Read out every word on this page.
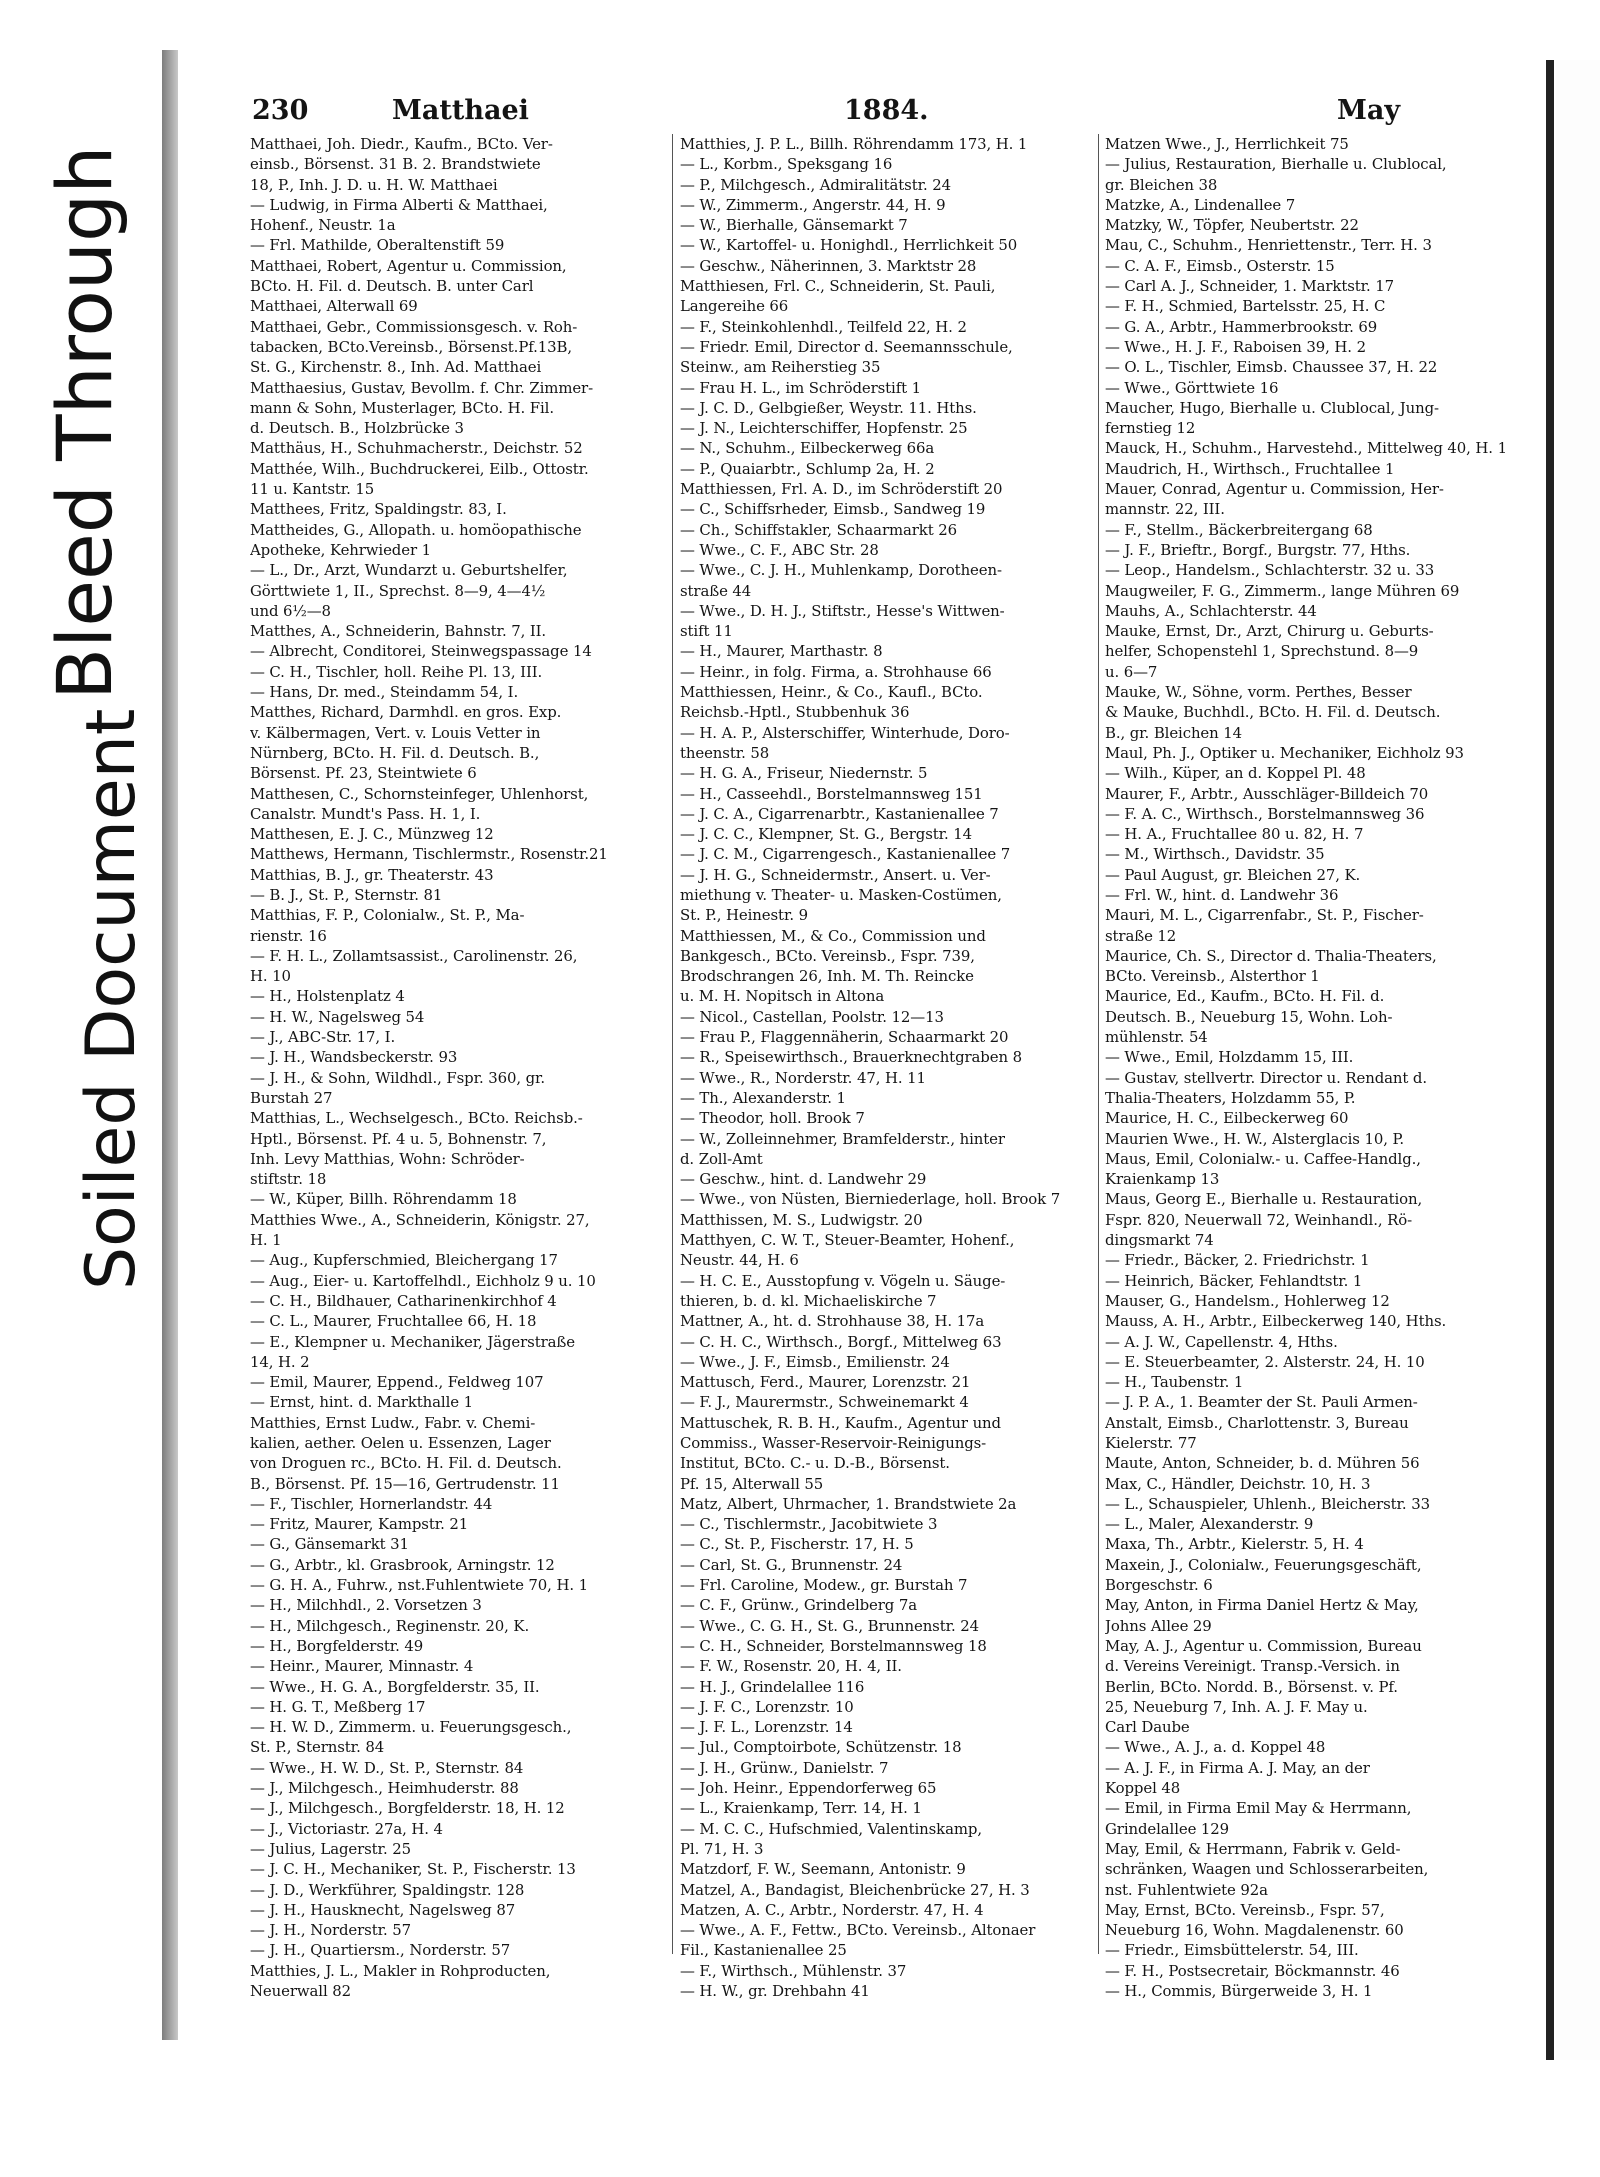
Soiled Document
Bleed Through
230	Matthaei	1884.	May
Matthaei, Joh. Diedr., Kaufm., BCto. Ver-
einsb., Börsenst. 31 B. 2. Brandstwiete
18, P., Inh. J. D. u. H. W. Matthaei
— Ludwig, in Firma Alberti & Matthaei,
Hohenf., Neustr. 1a
— Frl. Mathilde, Oberaltenstift 59
Matthaei, Robert, Agentur u. Commission,
BCto. H. Fil. d. Deutsch. B. unter Carl
Matthaei, Alterwall 69
Matthaei, Gebr., Commissionsgesch. v. Roh-
tabacken, BCto.Vereinsb., Börsenst.Pf.13B,
St. G., Kirchenstr. 8., Inh. Ad. Matthaei
Matthaesius, Gustav, Bevollm. f. Chr. Zimmer-
mann & Sohn, Musterlager, BCto. H. Fil.
d. Deutsch. B., Holzbrücke 3
Matthäus, H., Schuhmacherstr., Deichstr. 52
Matthée, Wilh., Buchdruckerei, Eilb., Ottostr.
11 u. Kantstr. 15
Matthees, Fritz, Spaldingstr. 83, I.
Mattheides, G., Allopath. u. homöopathische
Apotheke, Kehrwieder 1
— L., Dr., Arzt, Wundarzt u. Geburtshelfer,
Görttwiete 1, II., Sprechst. 8—9, 4—4½
und 6½—8
Matthes, A., Schneiderin, Bahnstr. 7, II.
— Albrecht, Conditorei, Steinwegspassage 14
— C. H., Tischler, holl. Reihe Pl. 13, III.
— Hans, Dr. med., Steindamm 54, I.
Matthes, Richard, Darmhdl. en gros. Exp.
v. Kälbermagen, Vert. v. Louis Vetter in
Nürnberg, BCto. H. Fil. d. Deutsch. B.,
Börsenst. Pf. 23, Steintwiete 6
Matthesen, C., Schornsteinfeger, Uhlenhorst,
Canalstr. Mundt's Pass. H. 1, I.
Matthesen, E. J. C., Münzweg 12
Matthews, Hermann, Tischlermstr., Rosenstr.21
Matthias, B. J., gr. Theaterstr. 43
— B. J., St. P., Sternstr. 81
Matthias, F. P., Colonialw., St. P., Ma-
rienstr. 16
— F. H. L., Zollamtsassist., Carolinenstr. 26,
H. 10
— H., Holstenplatz 4
— H. W., Nagelsweg 54
— J., ABC-Str. 17, I.
— J. H., Wandsbeckerstr. 93
— J. H., & Sohn, Wildhdl., Fspr. 360, gr.
Burstah 27
Matthias, L., Wechselgesch., BCto. Reichsb.-
Hptl., Börsenst. Pf. 4 u. 5, Bohnenstr. 7,
Inh. Levy Matthias, Wohn: Schröder-
stiftstr. 18
— W., Küper, Billh. Röhrendamm 18
Matthies Wwe., A., Schneiderin, Königstr. 27,
H. 1
— Aug., Kupferschmied, Bleichergang 17
— Aug., Eier- u. Kartoffelhdl., Eichholz 9 u. 10
— C. H., Bildhauer, Catharinenkirchhof 4
— C. L., Maurer, Fruchtallee 66, H. 18
— E., Klempner u. Mechaniker, Jägerstraße
14, H. 2
— Emil, Maurer, Eppend., Feldweg 107
— Ernst, hint. d. Markthalle 1
Matthies, Ernst Ludw., Fabr. v. Chemi-
kalien, aether. Oelen u. Essenzen, Lager
von Droguen rc., BCto. H. Fil. d. Deutsch.
B., Börsenst. Pf. 15—16, Gertrudenstr. 11
— F., Tischler, Hornerlandstr. 44
— Fritz, Maurer, Kampstr. 21
— G., Gänsemarkt 31
— G., Arbtr., kl. Grasbrook, Arningstr. 12
— G. H. A., Fuhrw., nst.Fuhlentwiete 70, H. 1
— H., Milchhdl., 2. Vorsetzen 3
— H., Milchgesch., Reginenstr. 20, K.
— H., Borgfelderstr. 49
— Heinr., Maurer, Minnastr. 4
— Wwe., H. G. A., Borgfelderstr. 35, II.
— H. G. T., Meßberg 17
— H. W. D., Zimmerm. u. Feuerungsgesch.,
St. P., Sternstr. 84
— Wwe., H. W. D., St. P., Sternstr. 84
— J., Milchgesch., Heimhuderstr. 88
— J., Milchgesch., Borgfelderstr. 18, H. 12
— J., Victoriastr. 27a, H. 4
— Julius, Lagerstr. 25
— J. C. H., Mechaniker, St. P., Fischerstr. 13
— J. D., Werkführer, Spaldingstr. 128
— J. H., Hausknecht, Nagelsweg 87
— J. H., Norderstr. 57
— J. H., Quartiersm., Norderstr. 57
Matthies, J. L., Makler in Rohproducten,
Neuerwall 82
Matthies, J. P. L., Billh. Röhrendamm 173, H. 1
— L., Korbm., Speksgang 16
— P., Milchgesch., Admiralitätstr. 24
— W., Zimmerm., Angerstr. 44, H. 9
— W., Bierhalle, Gänsemarkt 7
— W., Kartoffel- u. Honighdl., Herrlichkeit 50
— Geschw., Näherinnen, 3. Marktstr 28
Matthiesen, Frl. C., Schneiderin, St. Pauli,
Langereihe 66
— F., Steinkohlenhdl., Teilfeld 22, H. 2
— Friedr. Emil, Director d. Seemannsschule,
Steinw., am Reiherstieg 35
— Frau H. L., im Schröderstift 1
— J. C. D., Gelbgießer, Weystr. 11. Hths.
— J. N., Leichterschiffer, Hopfenstr. 25
— N., Schuhm., Eilbeckerweg 66a
— P., Quaiarbtr., Schlump 2a, H. 2
Matthiessen, Frl. A. D., im Schröderstift 20
— C., Schiffsrheder, Eimsb., Sandweg 19
— Ch., Schiffstakler, Schaarmarkt 26
— Wwe., C. F., ABC Str. 28
— Wwe., C. J. H., Muhlenkamp, Dorotheen-
straße 44
— Wwe., D. H. J., Stiftstr., Hesse's Wittwen-
stift 11
— H., Maurer, Marthastr. 8
— Heinr., in folg. Firma, a. Strohhause 66
Matthiessen, Heinr., & Co., Kaufl., BCto.
Reichsb.-Hptl., Stubbenhuk 36
— H. A. P., Alsterschiffer, Winterhude, Doro-
theenstr. 58
— H. G. A., Friseur, Niedernstr. 5
— H., Casseehdl., Borstelmannsweg 151
— J. C. A., Cigarrenarbtr., Kastanienallee 7
— J. C. C., Klempner, St. G., Bergstr. 14
— J. C. M., Cigarrengesch., Kastanienallee 7
— J. H. G., Schneidermstr., Ansert. u. Ver-
miethung v. Theater- u. Masken-Costümen,
St. P., Heinestr. 9
Matthiessen, M., & Co., Commission und
Bankgesch., BCto. Vereinsb., Fspr. 739,
Brodschrangen 26, Inh. M. Th. Reincke
u. M. H. Nopitsch in Altona
— Nicol., Castellan, Poolstr. 12—13
— Frau P., Flaggennäherin, Schaarmarkt 20
— R., Speisewirthsch., Brauerknechtgraben 8
— Wwe., R., Norderstr. 47, H. 11
— Th., Alexanderstr. 1
— Theodor, holl. Brook 7
— W., Zolleinnehmer, Bramfelderstr., hinter
d. Zoll-Amt
— Geschw., hint. d. Landwehr 29
— Wwe., von Nüsten, Bierniederlage, holl. Brook 7
Matthissen, M. S., Ludwigstr. 20
Matthyen, C. W. T., Steuer-Beamter, Hohenf.,
Neustr. 44, H. 6
— H. C. E., Ausstopfung v. Vögeln u. Säuge-
thieren, b. d. kl. Michaeliskirche 7
Mattner, A., ht. d. Strohhause 38, H. 17a
— C. H. C., Wirthsch., Borgf., Mittelweg 63
— Wwe., J. F., Eimsb., Emilienstr. 24
Mattusch, Ferd., Maurer, Lorenzstr. 21
— F. J., Maurermstr., Schweinemarkt 4
Mattuschek, R. B. H., Kaufm., Agentur und
Commiss., Wasser-Reservoir-Reinigungs-
Institut, BCto. C.- u. D.-B., Börsenst.
Pf. 15, Alterwall 55
Matz, Albert, Uhrmacher, 1. Brandstwiete 2a
— C., Tischlermstr., Jacobitwiete 3
— C., St. P., Fischerstr. 17, H. 5
— Carl, St. G., Brunnenstr. 24
— Frl. Caroline, Modew., gr. Burstah 7
— C. F., Grünw., Grindelberg 7a
— Wwe., C. G. H., St. G., Brunnenstr. 24
— C. H., Schneider, Borstelmannsweg 18
— F. W., Rosenstr. 20, H. 4, II.
— H. J., Grindelallee 116
— J. F. C., Lorenzstr. 10
— J. F. L., Lorenzstr. 14
— Jul., Comptoirbote, Schützenstr. 18
— J. H., Grünw., Danielstr. 7
— Joh. Heinr., Eppendorferweg 65
— L., Kraienkamp, Terr. 14, H. 1
— M. C. C., Hufschmied, Valentinskamp,
Pl. 71, H. 3
Matzdorf, F. W., Seemann, Antonistr. 9
Matzel, A., Bandagist, Bleichenbrücke 27, H. 3
Matzen, A. C., Arbtr., Norderstr. 47, H. 4
— Wwe., A. F., Fettw., BCto. Vereinsb., Altonaer
Fil., Kastanienallee 25
— F., Wirthsch., Mühlenstr. 37
— H. W., gr. Drehbahn 41
Matzen Wwe., J., Herrlichkeit 75
— Julius, Restauration, Bierhalle u. Clublocal,
gr. Bleichen 38
Matzke, A., Lindenallee 7
Matzky, W., Töpfer, Neubertstr. 22
Mau, C., Schuhm., Henriettenstr., Terr. H. 3
— C. A. F., Eimsb., Osterstr. 15
— Carl A. J., Schneider, 1. Marktstr. 17
— F. H., Schmied, Bartelsstr. 25, H. C
— G. A., Arbtr., Hammerbrookstr. 69
— Wwe., H. J. F., Raboisen 39, H. 2
— O. L., Tischler, Eimsb. Chaussee 37, H. 22
— Wwe., Görttwiete 16
Maucher, Hugo, Bierhalle u. Clublocal, Jung-
fernstieg 12
Mauck, H., Schuhm., Harvestehd., Mittelweg 40, H. 1
Maudrich, H., Wirthsch., Fruchtallee 1
Mauer, Conrad, Agentur u. Commission, Her-
mannstr. 22, III.
— F., Stellm., Bäckerbreitergang 68
— J. F., Brieftr., Borgf., Burgstr. 77, Hths.
— Leop., Handelsm., Schlachterstr. 32 u. 33
Maugweiler, F. G., Zimmerm., lange Mühren 69
Mauhs, A., Schlachterstr. 44
Mauke, Ernst, Dr., Arzt, Chirurg u. Geburts-
helfer, Schopenstehl 1, Sprechstund. 8—9
u. 6—7
Mauke, W., Söhne, vorm. Perthes, Besser
& Mauke, Buchhdl., BCto. H. Fil. d. Deutsch.
B., gr. Bleichen 14
Maul, Ph. J., Optiker u. Mechaniker, Eichholz 93
— Wilh., Küper, an d. Koppel Pl. 48
Maurer, F., Arbtr., Ausschläger-Billdeich 70
— F. A. C., Wirthsch., Borstelmannsweg 36
— H. A., Fruchtallee 80 u. 82, H. 7
— M., Wirthsch., Davidstr. 35
— Paul August, gr. Bleichen 27, K.
— Frl. W., hint. d. Landwehr 36
Mauri, M. L., Cigarrenfabr., St. P., Fischer-
straße 12
Maurice, Ch. S., Director d. Thalia-Theaters,
BCto. Vereinsb., Alsterthor 1
Maurice, Ed., Kaufm., BCto. H. Fil. d.
Deutsch. B., Neueburg 15, Wohn. Loh-
mühlenstr. 54
— Wwe., Emil, Holzdamm 15, III.
— Gustav, stellvertr. Director u. Rendant d.
Thalia-Theaters, Holzdamm 55, P.
Maurice, H. C., Eilbeckerweg 60
Maurien Wwe., H. W., Alsterglacis 10, P.
Maus, Emil, Colonialw.- u. Caffee-Handlg.,
Kraienkamp 13
Maus, Georg E., Bierhalle u. Restauration,
Fspr. 820, Neuerwall 72, Weinhandl., Rö-
dingsmarkt 74
— Friedr., Bäcker, 2. Friedrichstr. 1
— Heinrich, Bäcker, Fehlandtstr. 1
Mauser, G., Handelsm., Hohlerweg 12
Mauss, A. H., Arbtr., Eilbeckerweg 140, Hths.
— A. J. W., Capellenstr. 4, Hths.
— E. Steuerbeamter, 2. Alsterstr. 24, H. 10
— H., Taubenstr. 1
— J. P. A., 1. Beamter der St. Pauli Armen-
Anstalt, Eimsb., Charlottenstr. 3, Bureau
Kielerstr. 77
Maute, Anton, Schneider, b. d. Mühren 56
Max, C., Händler, Deichstr. 10, H. 3
— L., Schauspieler, Uhlenh., Bleicherstr. 33
— L., Maler, Alexanderstr. 9
Maxa, Th., Arbtr., Kielerstr. 5, H. 4
Maxein, J., Colonialw., Feuerungsgeschäft,
Borgeschstr. 6
May, Anton, in Firma Daniel Hertz & May,
Johns Allee 29
May, A. J., Agentur u. Commission, Bureau
d. Vereins Vereinigt. Transp.-Versich. in
Berlin, BCto. Nordd. B., Börsenst. v. Pf.
25, Neueburg 7, Inh. A. J. F. May u.
Carl Daube
— Wwe., A. J., a. d. Koppel 48
— A. J. F., in Firma A. J. May, an der
Koppel 48
— Emil, in Firma Emil May & Herrmann,
Grindelallee 129
May, Emil, & Herrmann, Fabrik v. Geld-
schränken, Waagen und Schlosserarbeiten,
nst. Fuhlentwiete 92a
May, Ernst, BCto. Vereinsb., Fspr. 57,
Neueburg 16, Wohn. Magdalenenstr. 60
— Friedr., Eimsbüttelerstr. 54, III.
— F. H., Postsecretair, Böckmannstr. 46
— H., Commis, Bürgerweide 3, H. 1
